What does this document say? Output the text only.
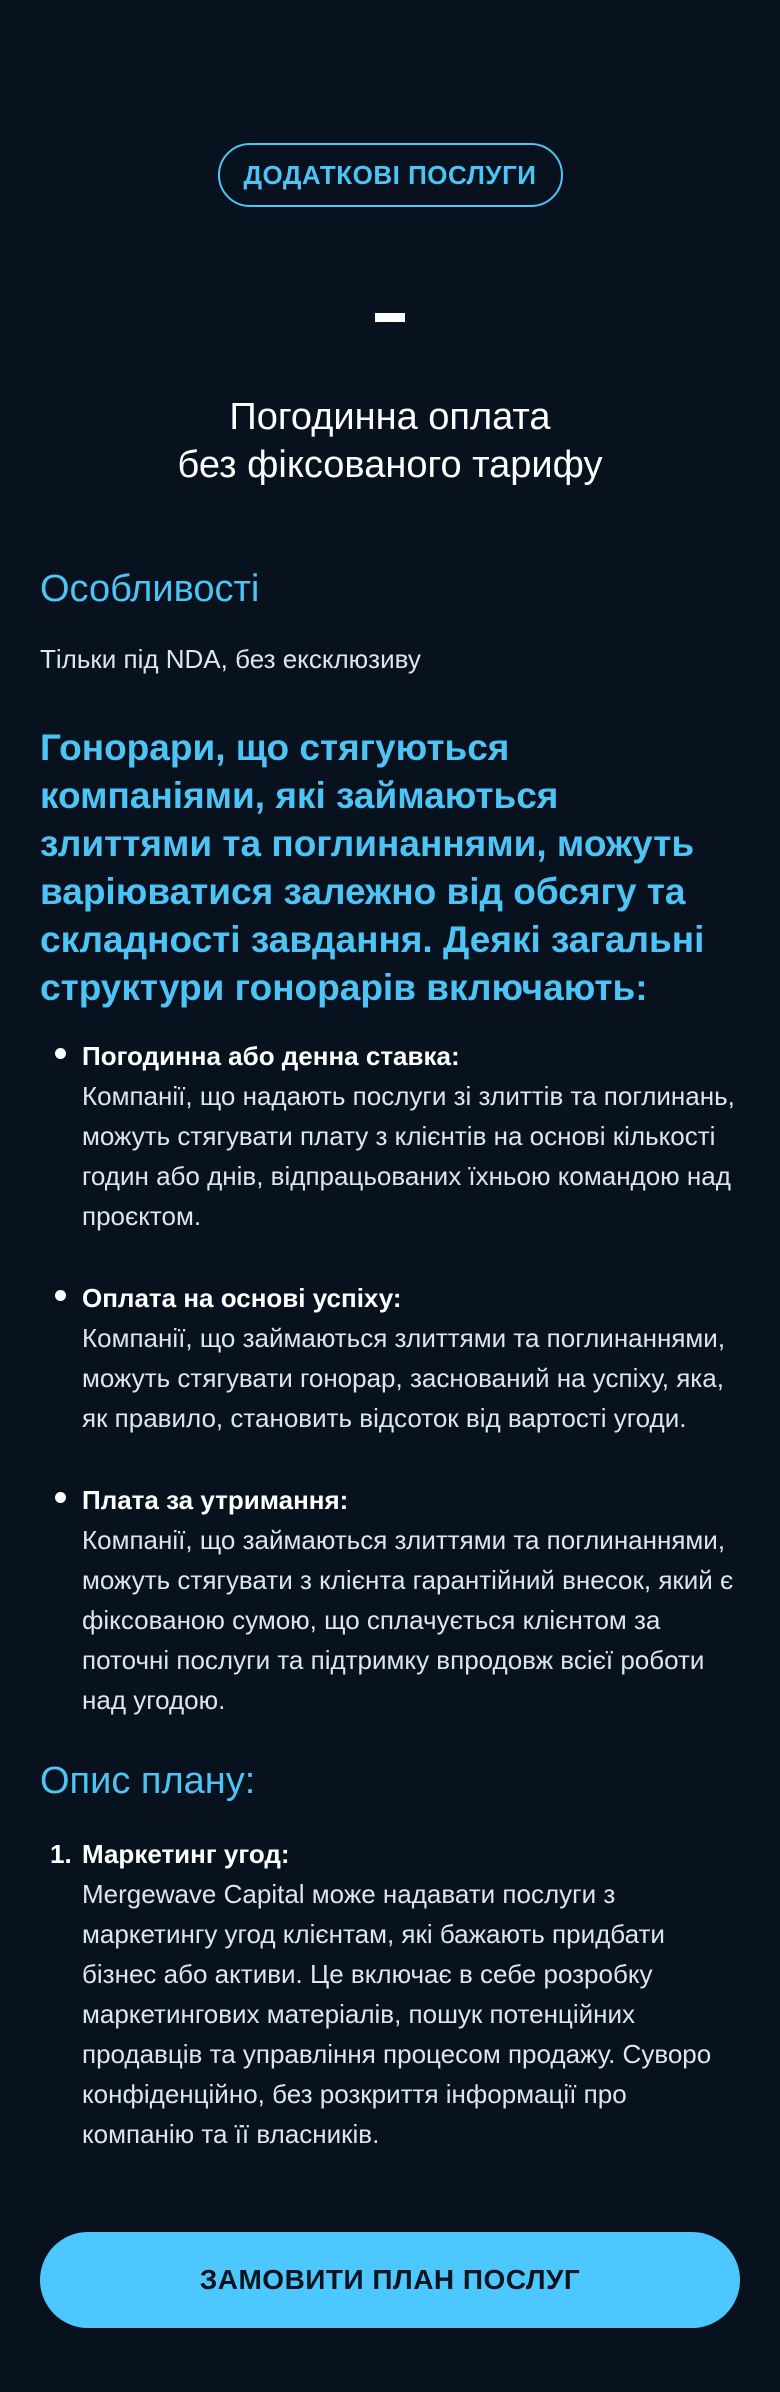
ДОДАТКОВІ ПОСЛУГИ
Погодинна оплата
без фіксованого тарифу
Особливості

Тільки під NDA, без ексклюзиву

Гонорари, що стягуються компаніями, які займаються злиттями та поглинаннями, можуть варіюватися залежно від обсягу та складності завдання. Деякі загальні структури гонорарів включають:
Погодинна або денна ставка:
Компанії, що надають послуги зі злиттів та поглинань, можуть стягувати плату з клієнтів на основі кількості годин або днів, відпрацьованих їхньою командою над проєктом.
Оплата на основі успіху:
Компанії, що займаються злиттями та поглинаннями, можуть стягувати гонорар, заснований на успіху, яка, як правило, становить відсоток від вартості угоди.
Плата за утримання:
Компанії, що займаються злиттями та поглинаннями, можуть стягувати з клієнта гарантійний внесок, який є фіксованою сумою, що сплачується клієнтом за поточні послуги та підтримку впродовж всієї роботи над угодою.
Опис плану:
1. Маркетинг угод:
Mergewave Capital може надавати послуги з маркетингу угод клієнтам, які бажають придбати бізнес або активи. Це включає в себе розробку маркетингових матеріалів, пошук потенційних продавців та управління процесом продажу. Суворо конфіденційно, без розкриття інформації про компанію та її власників.
ЗАМОВИТИ ПЛАН ПОСЛУГ
